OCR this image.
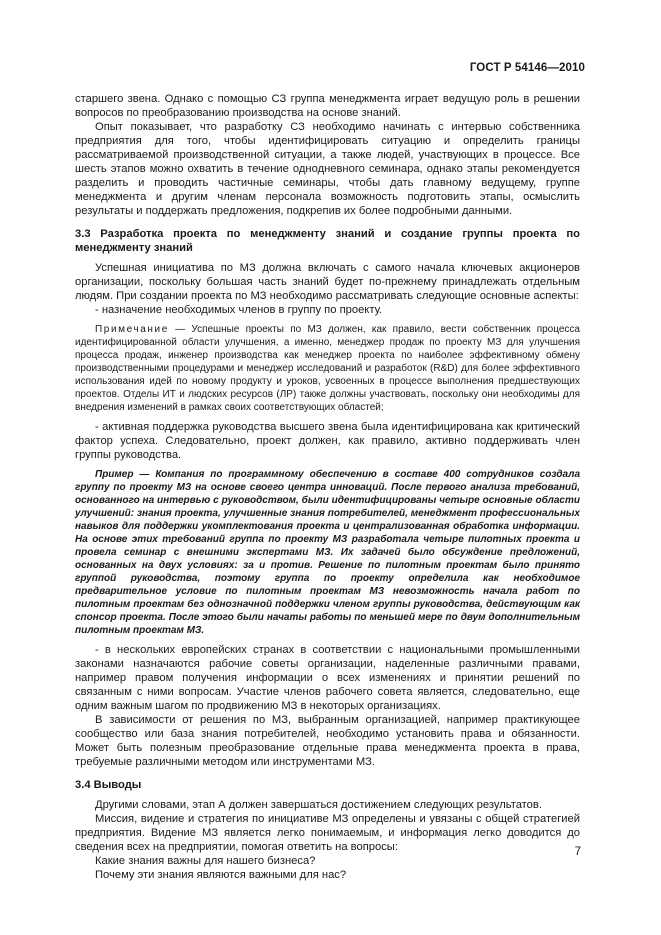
ГОСТ Р 54146—2010

старшего звена. Однако с помощью СЗ группа менеджмента играет ведущую роль в решении вопросов по преобразованию производства на основе знаний.

Опыт показывает, что разработку СЗ необходимо начинать с интервью собственника предприятия для того, чтобы идентифицировать ситуацию и определить границы рассматриваемой производственной ситуации, а также людей, участвующих в процессе. Все шесть этапов можно охватить в течение однодневного семинара, однако этапы рекомендуется разделить и проводить частичные семинары, чтобы дать главному ведущему, группе менеджмента и другим членам персонала возможность подготовить этапы, осмыслить результаты и поддержать предложения, подкрепив их более подробными данными.

3.3 Разработка проекта по менеджменту знаний и создание группы проекта по менеджменту знаний

Успешная инициатива по МЗ должна включать с самого начала ключевых акционеров организации, поскольку большая часть знаний будет по-прежнему принадлежать отдельным людям. При создании проекта по МЗ необходимо рассматривать следующие основные аспекты:

- назначение необходимых членов в группу по проекту.

Примечание — Успешные проекты по МЗ должен, как правило, вести собственник процесса идентифицированной области улучшения, а именно, менеджер продаж по проекту МЗ для улучшения процесса продаж, инженер производства как менеджер проекта по наиболее эффективному обмену производственными процедурами и менеджер исследований и разработок (R&D) для более эффективного использования идей по новому продукту и уроков, усвоенных в процессе выполнения предшествующих проектов. Отделы ИТ и людских ресурсов (ЛР) также должны участвовать, поскольку они необходимы для внедрения изменений в рамках своих соответствующих областей;

- активная поддержка руководства высшего звена была идентифицирована как критический фактор успеха. Следовательно, проект должен, как правило, активно поддерживать член группы руководства.

Пример — Компания по программному обеспечению в составе 400 сотрудников создала группу по проекту МЗ на основе своего центра инноваций. После первого анализа требований, основанного на интервью с руководством, были идентифицированы четыре основные области улучшений: знания проекта, улучшенные знания потребителей, менеджмент профессиональных навыков для поддержки укомплектования проекта и централизованная обработка информации. На основе этих требований группа по проекту МЗ разработала четыре пилотных проекта и провела семинар с внешними экспертами МЗ. Их задачей было обсуждение предложений, основанных на двух условиях: за и против. Решение по пилотным проектам было принято группой руководства, поэтому группа по проекту определила как необходимое предварительное условие по пилотным проектам МЗ невозможность начала работ по пилотным проектам без однозначной поддержки членом группы руководства, действующим как спонсор проекта. После этого были начаты работы по меньшей мере по двум дополнительным пилотным проектам МЗ.

- в нескольких европейских странах в соответствии с национальными промышленными законами назначаются рабочие советы организации, наделенные различными правами, например правом получения информации о всех изменениях и принятии решений по связанным с ними вопросам. Участие членов рабочего совета является, следовательно, еще одним важным шагом по продвижению МЗ в некоторых организациях.

В зависимости от решения по МЗ, выбранным организацией, например практикующее сообщество или база знания потребителей, необходимо установить права и обязанности. Может быть полезным преобразование отдельные права менеджмента проекта в права, требуемые различными методом или инструментами МЗ.

3.4 Выводы

Другими словами, этап А должен завершаться достижением следующих результатов.

Миссия, видение и стратегия по инициативе МЗ определены и увязаны с общей стратегией предприятия. Видение МЗ является легко понимаемым, и информация легко доводится до сведения всех на предприятии, помогая ответить на вопросы:

Какие знания важны для нашего бизнеса?

Почему эти знания являются важными для нас?

7
